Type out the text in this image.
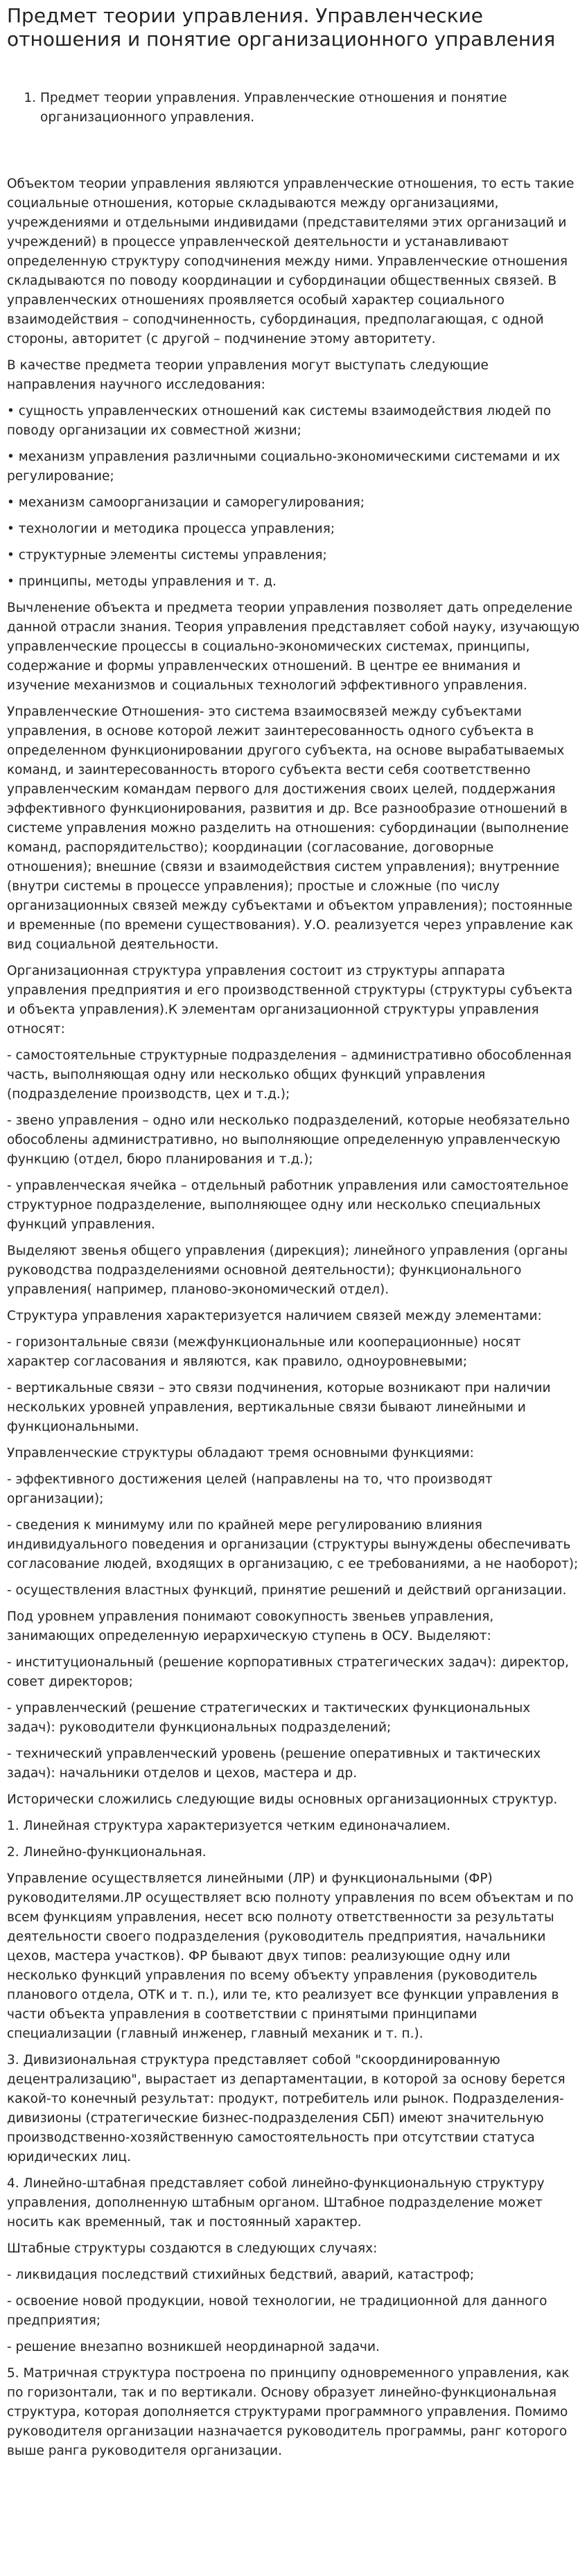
Предмет теории управления. Управленческие отношения и понятие организационного управления
1. Предмет теории управления. Управленческие отношения и понятие организационного управления.

Объектом теории управления являются управленческие отношения, то есть такие социальные отношения, которые складываются между организациями, учреждениями и отдельными индивидами (представителями этих организаций и учреждений) в процессе управленческой деятельности и устанавливают определенную структуру соподчинения между ними. Управленческие отношения складываются по поводу координации и субординации общественных связей. В управленческих отношениях проявляется особый характер социального взаимодействия – соподчиненность, субординация, предполагающая, с одной стороны, авторитет (с другой – подчинение этому авторитету.

В качестве предмета теории управления могут выступать следующие направления научного исследования:

• сущность управленческих отношений как системы взаимодействия людей по поводу организации их совместной жизни;

• механизм управления различными социально-экономическими системами и их регулирование;

• механизм самоорганизации и саморегулирования;

• технологии и методика процесса управления;

• структурные элементы системы управления;

• принципы, методы управления и т. д.

Вычленение объекта и предмета теории управления позволяет дать определение данной отрасли знания. Теория управления представляет собой науку, изучающую управленческие процессы в социально-экономических системах, принципы, содержание и формы управленческих отношений. В центре ее внимания и изучение механизмов и социальных технологий эффективного управления.

Управленческие Отношения- это система взаимосвязей между субъектами управления, в основе которой лежит заинтересованность одного субъекта в определенном функционировании другого субъекта, на основе вырабатываемых команд, и заинтересованность второго субъекта вести себя соответственно управленческим командам первого для достижения своих целей, поддержания эффективного функционирования, развития и др. Все разнообразие отношений в системе управления можно разделить на отношения: субординации (выполнение команд, распорядительство); координации (согласование, договорные отношения); внешние (связи и взаимодействия систем управления); внутренние (внутри системы в процессе управления); простые и сложные (по числу организационных связей между субъектами и объектом управления); постоянные и временные (по времени существования). У.О. реализуется через управление как вид социальной деятельности.

Организационная структура управления состоит из структуры аппарата управления предприятия и его производственной структуры (структуры субъекта и объекта управления).К элементам организационной структуры управления относят:

- самостоятельные структурные подразделения – административно обособленная часть, выполняющая одну или несколько общих функций управления (подразделение производств, цех и т.д.);

- звено управления – одно или несколько подразделений, которые необязательно обособлены административно, но выполняющие определенную управленческую функцию (отдел, бюро планирования и т.д.);

- управленческая ячейка – отдельный работник управления или самостоятельное структурное подразделение, выполняющее одну или несколько специальных функций управления.

Выделяют звенья общего управления (дирекция); линейного управления (органы руководства подразделениями основной деятельности); функционального управления( например, планово-экономический отдел).

Структура управления характеризуется наличием связей между элементами:

- горизонтальные связи (межфункциональные или кооперационные) носят характер согласования и являются, как правило, одноуровневыми;

- вертикальные связи – это связи подчинения, которые возникают при наличии нескольких уровней управления, вертикальные связи бывают линейными и функциональными.

Управленческие структуры обладают тремя основными функциями:

- эффективного достижения целей (направлены на то, что производят организации);

- сведения к минимуму или по крайней мере регулированию влияния индивидуального поведения и организации (структуры вынуждены обеспечивать согласование людей, входящих в организацию, с ее требованиями, а не наоборот);

- осуществления властных функций, принятие решений и действий организации.

Под уровнем управления понимают совокупность звеньев управления, занимающих определенную иерархическую ступень в ОСУ. Выделяют:

- институциональный (решение корпоративных стратегических задач): директор, совет директоров;

- управленческий (решение стратегических и тактических функциональных задач): руководители функциональных подразделений;

- технический управленческий уровень (решение оперативных и тактических задач): начальники отделов и цехов, мастера и др.

Исторически сложились следующие виды основных организационных структур.

1. Линейная структура характеризуется четким единоначалием.

2. Линейно-функциональная.

Управление осуществляется линейными (ЛР) и функциональными (ФР) руководителями.ЛР осуществляет всю полноту управления по всем объектам и по всем функциям управления, несет всю полноту ответственности за результаты деятельности своего подразделения (руководитель предприятия, начальники цехов, мастера участков). ФР бывают двух типов: реализующие одну или несколько функций управления по всему объекту управления (руководитель планового отдела, ОТК и т. п.), или те, кто реализует все функции управления в части объекта управления в соответствии с принятыми принципами специализации (главный инженер, главный механик и т. п.).

3. Дивизиональная структура представляет собой "скоординированную децентрализацию", вырастает из департаментации, в которой за основу берется какой-то конечный результат: продукт, потребитель или рынок. Подразделения-дивизионы (стратегические бизнес-подразделения СБП) имеют значительную производственно-хозяйственную самостоятельность при отсутствии статуса юридических лиц.

4. Линейно-штабная представляет собой линейно-функциональную структуру управления, дополненную штабным органом. Штабное подразделение может носить как временный, так и постоянный характер.

Штабные структуры создаются в следующих случаях:

- ликвидация последствий стихийных бедствий, аварий, катастроф;

- освоение новой продукции, новой технологии, не традиционной для данного предприятия;

- решение внезапно возникшей неординарной задачи.

5. Матричная структура построена по принципу одновременного управления, как по горизонтали, так и по вертикали. Основу образует линейно-функциональная структура, которая дополняется структурами программного управления. Помимо руководителя организации назначается руководитель программы, ранг которого выше ранга руководителя организации.
